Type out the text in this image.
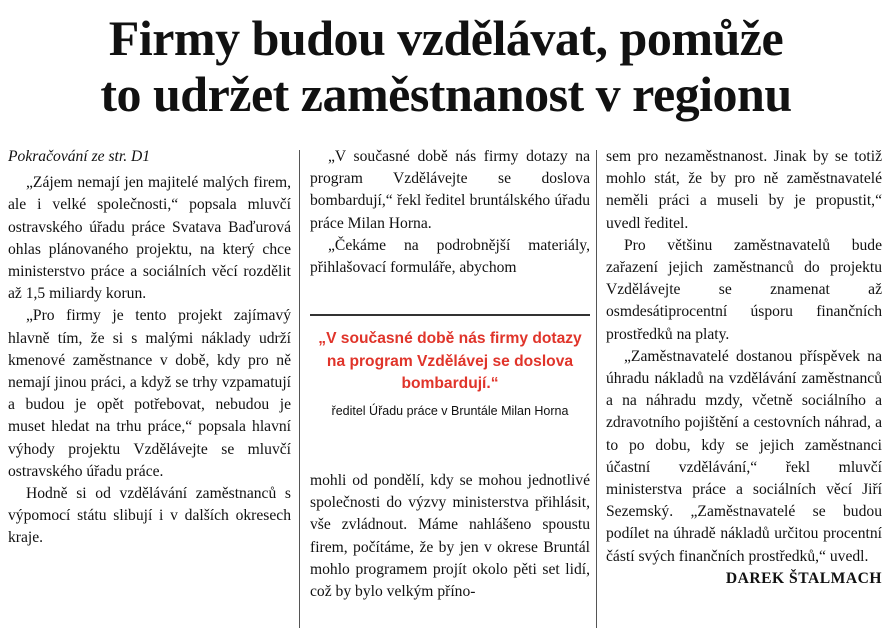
Firmy budou vzdělávat, pomůže
to udržet zaměstnanost v regionu

Pokračování ze str. D1

„Zájem nemají jen majitelé malých firem, ale i velké společnosti,“ popsala mluvčí ostravského úřadu práce Svatava Baďurová ohlas plánovaného projektu, na který chce ministerstvo práce a sociálních věcí rozdělit až 1,5 miliardy korun.

„Pro firmy je tento projekt zajímavý hlavně tím, že si s malými náklady udrží kmenové zaměstnance v době, kdy pro ně nemají jinou práci, a když se trhy vzpamatují a budou je opět potřebovat, nebudou je muset hledat na trhu práce,“ popsala hlavní výhody projektu Vzdělávejte se mluvčí ostravského úřadu práce.

Hodně si od vzdělávání zaměstnanců s výpomocí státu slibují i v dalších okresech kraje.

„V současné době nás firmy dotazy na program Vzdělávejte se doslova bombardují,“ řekl ředitel bruntálského úřadu práce Milan Horna.

„Čekáme na podrobnější materiály, přihlašovací formuláře, abychom

„V současné době nás firmy dotazy na program Vzdělávej se doslova bombardují.“
ředitel Úřadu práce v Bruntále Milan Horna

mohli od pondělí, kdy se mohou jednotlivé společnosti do výzvy ministerstva přihlásit, vše zvládnout. Máme nahlášeno spoustu firem, počítáme, že by jen v okrese Bruntál mohlo programem projít okolo pěti set lidí, což by bylo velkým příno-

sem pro nezaměstnanost. Jinak by se totiž mohlo stát, že by pro ně zaměstnavatelé neměli práci a museli by je propustit,“ uvedl ředitel.

Pro většinu zaměstnavatelů bude zařazení jejich zaměstnanců do projektu Vzdělávejte se znamenat až osmdesátiprocentní úsporu finančních prostředků na platy.

„Zaměstnavatelé dostanou příspěvek na úhradu nákladů na vzdělávání zaměstnanců a na náhradu mzdy, včetně sociálního a zdravotního pojištění a cestovních náhrad, a to po dobu, kdy se jejich zaměstnanci účastní vzdělávání,“ řekl mluvčí ministerstva práce a sociálních věcí Jiří Sezemský. „Zaměstnavatelé se budou podílet na úhradě nákladů určitou procentní částí svých finančních prostředků,“ uvedl.

DAREK ŠTALMACH
